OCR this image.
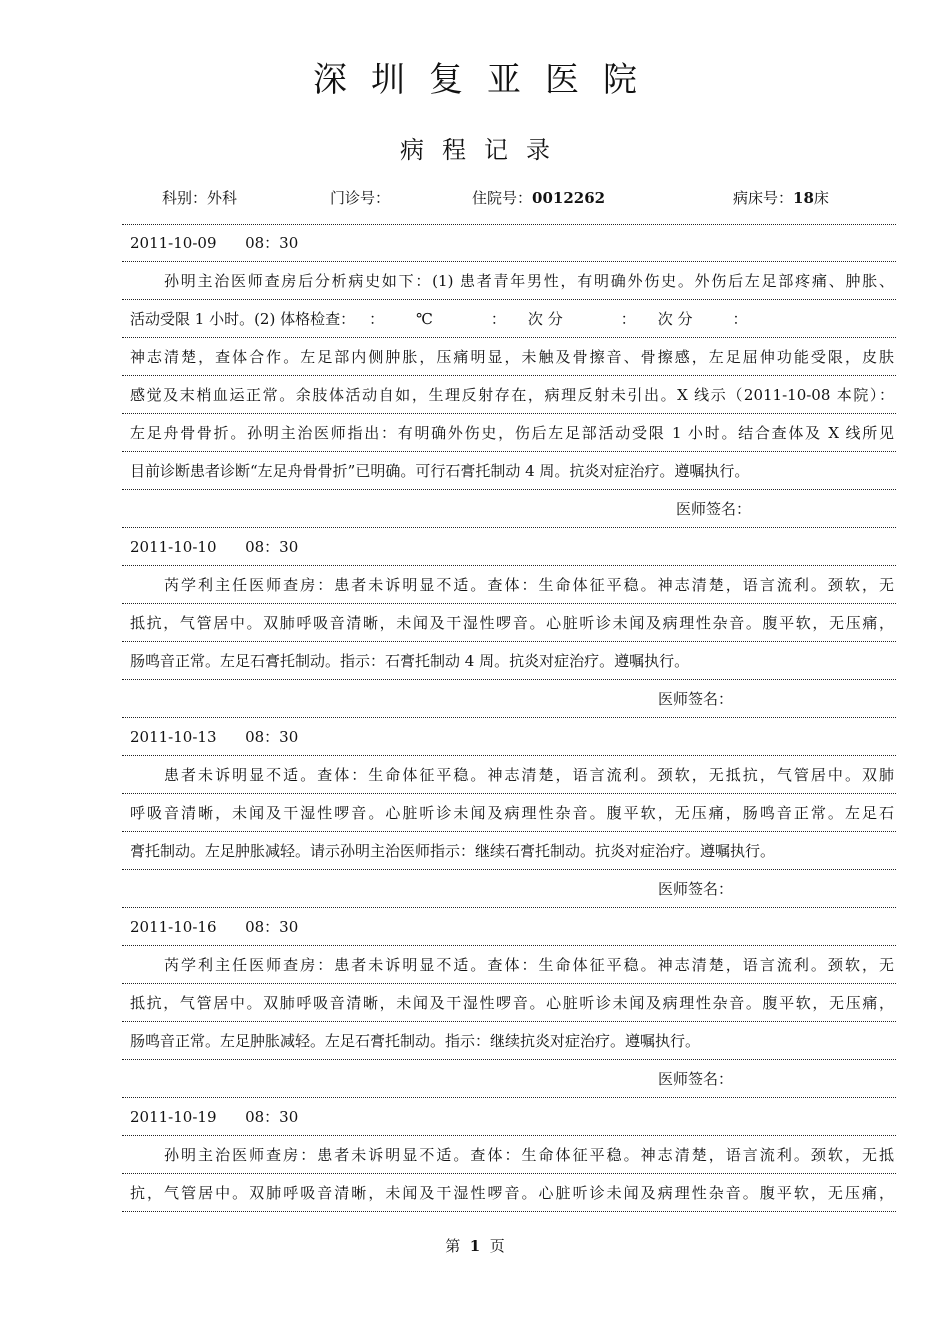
深圳复亚医院
病程记录
科别：外科	门诊号：	住院号：0012262	病床号：18床
2011-10-09 08：30
孙明主治医师查房后分析病史如下：(1) 患者青年男性，有明确外伤史。外伤后左足部疼痛、肿胀、
活动受限 1 小时。(2) 体格检查： ： ℃	： 次 分	： 次 分	：
神志清楚，查体合作。左足部内侧肿胀，压痛明显，未触及骨擦音、骨擦感，左足屈伸功能受限，皮肤
感觉及末梢血运正常。余肢体活动自如，生理反射存在，病理反射未引出。X 线示（2011-10-08 本院）：
左足舟骨骨折。孙明主治医师指出：有明确外伤史，伤后左足部活动受限 1 小时。结合查体及 X 线所见
目前诊断患者诊断“左足舟骨骨折”已明确。可行石膏托制动 4 周。抗炎对症治疗。遵嘱执行。
医师签名：
2011-10-10 08：30
芮学利主任医师查房：患者未诉明显不适。查体：生命体征平稳。神志清楚，语言流利。颈软，无
抵抗，气管居中。双肺呼吸音清晰，未闻及干湿性啰音。心脏听诊未闻及病理性杂音。腹平软，无压痛，
肠鸣音正常。左足石膏托制动。指示：石膏托制动 4 周。抗炎对症治疗。遵嘱执行。
医师签名：
2011-10-13 08：30
患者未诉明显不适。查体：生命体征平稳。神志清楚，语言流利。颈软，无抵抗，气管居中。双肺
呼吸音清晰，未闻及干湿性啰音。心脏听诊未闻及病理性杂音。腹平软，无压痛，肠鸣音正常。左足石
膏托制动。左足肿胀减轻。请示孙明主治医师指示：继续石膏托制动。抗炎对症治疗。遵嘱执行。
医师签名：
2011-10-16 08：30
芮学利主任医师查房：患者未诉明显不适。查体：生命体征平稳。神志清楚，语言流利。颈软，无
抵抗，气管居中。双肺呼吸音清晰，未闻及干湿性啰音。心脏听诊未闻及病理性杂音。腹平软，无压痛，
肠鸣音正常。左足肿胀减轻。左足石膏托制动。指示：继续抗炎对症治疗。遵嘱执行。
医师签名：
2011-10-19 08：30
孙明主治医师查房：患者未诉明显不适。查体：生命体征平稳。神志清楚，语言流利。颈软，无抵
抗，气管居中。双肺呼吸音清晰，未闻及干湿性啰音。心脏听诊未闻及病理性杂音。腹平软，无压痛，
第 1 页
